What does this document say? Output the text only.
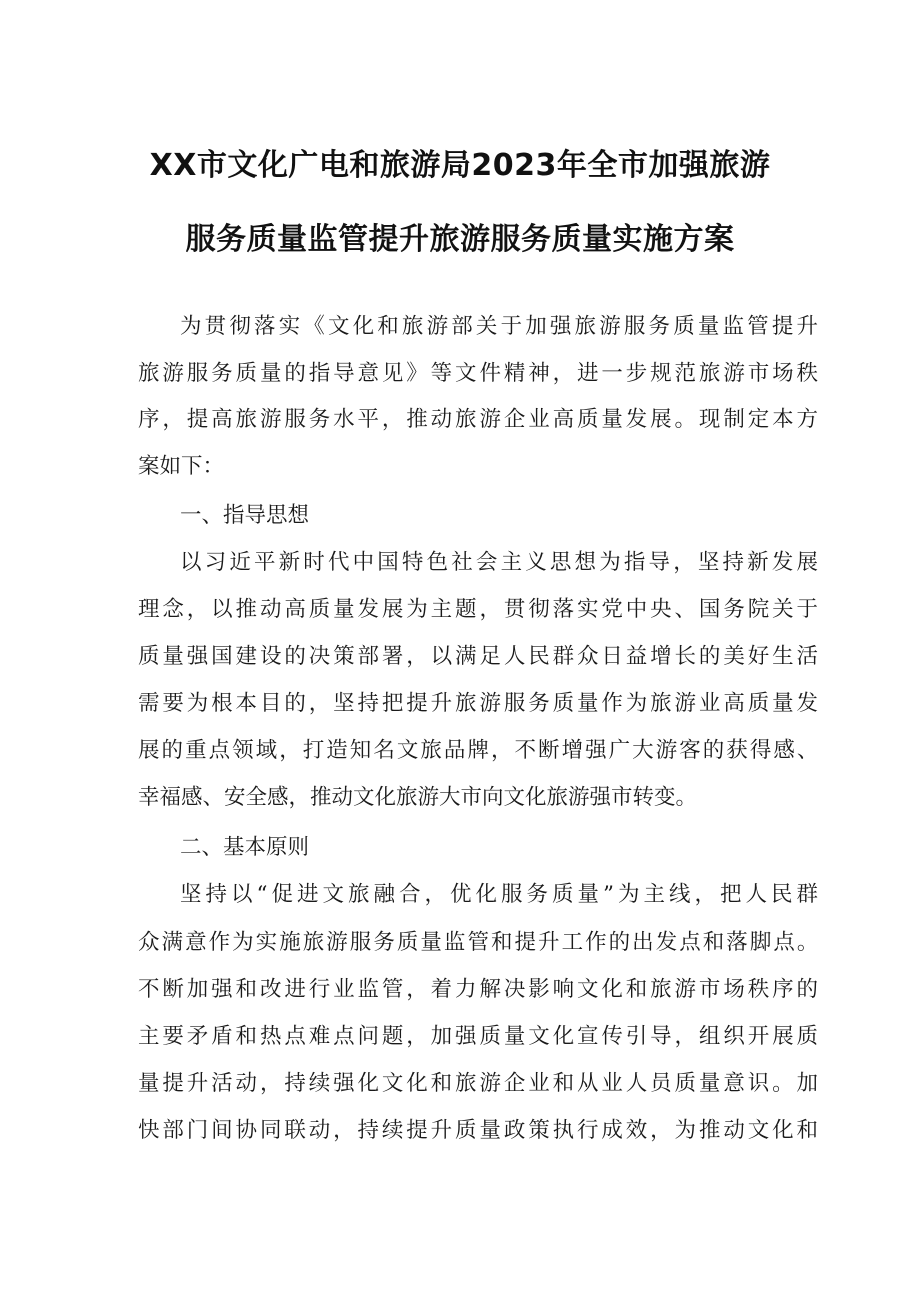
XX市文化广电和旅游局2023年全市加强旅游
服务质量监管提升旅游服务质量实施方案
为贯彻落实《文化和旅游部关于加强旅游服务质量监管提升
旅游服务质量的指导意见》等文件精神，进一步规范旅游市场秩
序，提高旅游服务水平，推动旅游企业高质量发展。现制定本方
案如下：
一、指导思想
以习近平新时代中国特色社会主义思想为指导，坚持新发展
理念，以推动高质量发展为主题，贯彻落实党中央、国务院关于
质量强国建设的决策部署，以满足人民群众日益增长的美好生活
需要为根本目的，坚持把提升旅游服务质量作为旅游业高质量发
展的重点领域，打造知名文旅品牌，不断增强广大游客的获得感、
幸福感、安全感，推动文化旅游大市向文化旅游强市转变。
二、基本原则
坚持以“促进文旅融合，优化服务质量”为主线，把人民群
众满意作为实施旅游服务质量监管和提升工作的出发点和落脚点。
不断加强和改进行业监管，着力解决影响文化和旅游市场秩序的
主要矛盾和热点难点问题，加强质量文化宣传引导，组织开展质
量提升活动，持续强化文化和旅游企业和从业人员质量意识。加
快部门间协同联动，持续提升质量政策执行成效，为推动文化和
